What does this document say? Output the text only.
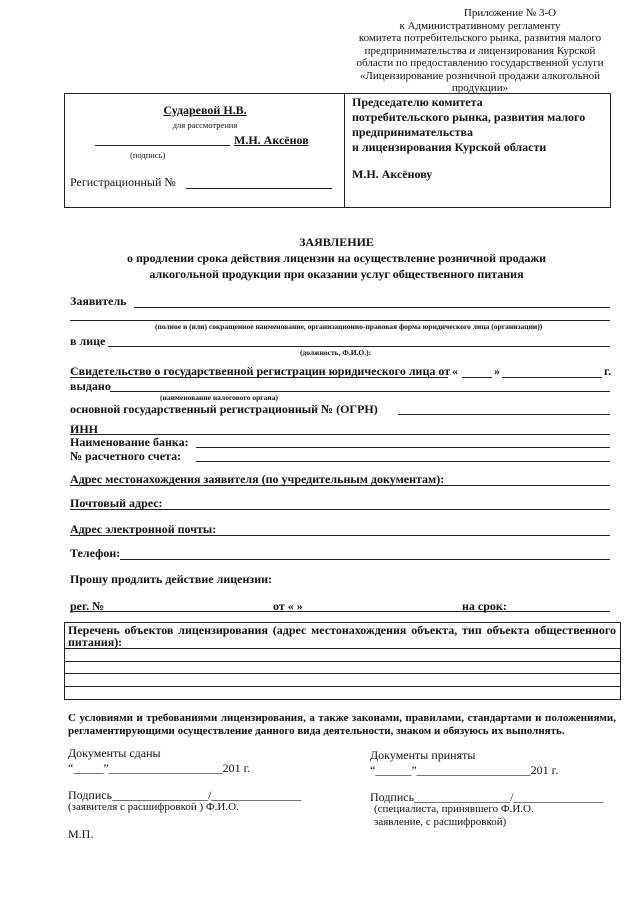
Приложение № 3-О
к Административному регламенту
комитета потребительского рынка, развития малого
предпринимательства и лицензирования Курской
области по предоставлению государственной услуги
«Лицензирование розничной продажи алкогольной
продукции»
Сударевой Н.В.
для рассмотрения
М.Н. Аксёнов
(подпись)
Регистрационный №
Председателю комитета
потребительского рынка, развития малого
предпринимательства
и лицензирования Курской области
М.Н. Аксёнову
ЗАЯВЛЕНИЕ
о продлении срока действия лицензии на осуществление розничной продажи
алкогольной продукции при оказании услуг общественного питания
Заявитель
(полное и (или) сокращенное наименование, организационно-правовая форма юридического лица (организации))
в лице
(должность, Ф.И.О.):
Свидетельство о государственной регистрации юридического лица от «	»	г.
выдано
(наименование налогового органа)
основной государственный регистрационный № (ОГРН)
ИНН
Наименование банка:
№ расчетного счета:
Адрес местонахождения заявителя (по учредительным документам):
Почтовый адрес:
Адрес электронной почты:
Телефон:
Прошу продлить действие лицензии:
рег. №	от « »	на срок:
Перечень объектов лицензирования (адрес местонахождения объекта, тип объекта общественного питания):
С условиями и требованиями лицензирования, а также законами, правилами, стандартами и положениями, регламентирующими осуществление данного вида деятельности, знаком и обязуюсь их выполнять.
Документы сданы
“_____”___________________201 г.
Подпись________________/_______________
(заявителя с расшифровкой ) Ф.И.О.
Документы приняты
“______”___________________201 г.
Подпись________________/_______________
(специалиста, принявшего Ф.И.О.
заявление, с расшифровкой)
М.П.
